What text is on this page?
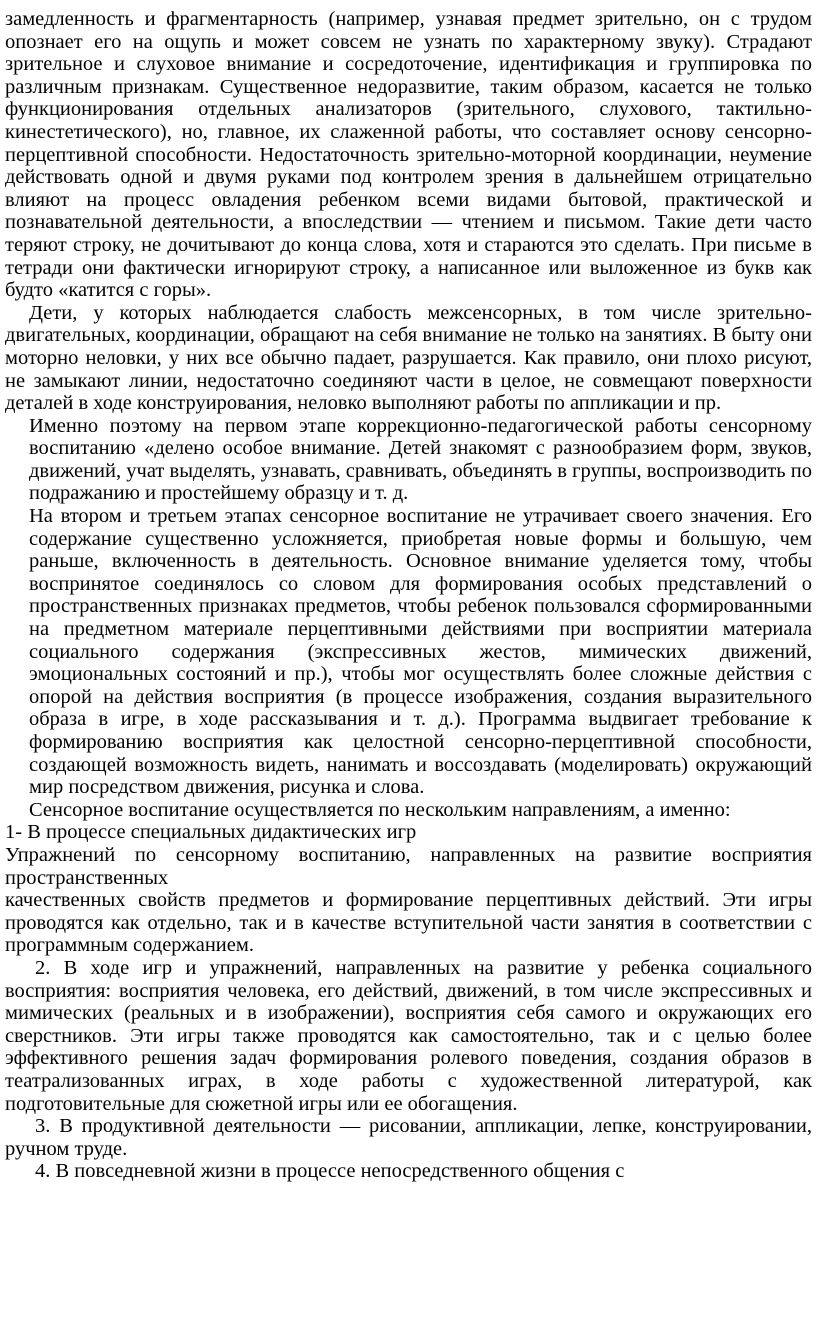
замедленность и фрагментарность (например, узнавая предмет зрительно, он с трудом опознает его на ощупь и может совсем не узнать по характерному звуку). Страдают зрительное и слуховое внимание и сосредоточение, идентификация и группировка по различным признакам. Существенное недоразвитие, таким образом, касается не только функционирования отдельных анализаторов (зрительного, слухового, тактильно-кинестетического), но, главное, их слаженной работы, что составляет основу сенсорно-перцептивной способности. Недостаточность зрительно-моторной координации, неумение действовать одной и двумя руками под контролем зрения в дальнейшем отрицательно влияют на процесс овладения ребенком всеми видами бытовой, практической и познавательной деятельности, а впоследствии — чтением и письмом. Такие дети часто теряют строку, не дочитывают до конца слова, хотя и стараются это сделать. При письме в тетради они фактически игнорируют строку, а написанное или выложенное из букв как будто «катится с горы».

Дети, у которых наблюдается слабость межсенсорных, в том числе зрительно-двигательных, координации, обращают на себя внимание не только на занятиях. В быту они моторно неловки, у них все обычно падает, разрушается. Как правило, они плохо рисуют, не замыкают линии, недостаточно соединяют части в целое, не совмещают поверхности деталей в ходе конструирования, неловко выполняют работы по аппликации и пр.

Именно поэтому на первом этапе коррекционно-педагогической работы сенсорному воспитанию «делено особое внимание. Детей знакомят с разнообразием форм, звуков, движений, учат выделять, узнавать, сравнивать, объединять в группы, воспроизводить по подражанию и простейшему образцу и т. д.

На втором и третьем этапах сенсорное воспитание не утрачивает своего значения. Его содержание существенно усложняется, приобретая новые формы и большую, чем раньше, включенность в деятельность. Основное внимание уделяется тому, чтобы воспринятое соединялось со словом для формирования особых представлений о пространственных признаках предметов, чтобы ребенок пользовался сформированными на предметном материале перцептивными действиями при восприятии материала социального содержания (экспрессивных жестов, мимических движений, эмоциональных состояний и пр.), чтобы мог осуществлять более сложные действия с опорой на действия восприятия (в процессе изображения, создания выразительного образа в игре, в ходе рассказывания и т. д.). Программа выдвигает требование к формированию восприятия как целостной сенсорно-перцептивной способности, создающей возможность видеть, нанимать и воссоздавать (моделировать) окружающий мир посредством движения, рисунка и слова.

Сенсорное воспитание осуществляется по нескольким направлениям, а именно:

1- В процессе специальных дидактических игр

Упражнений по сенсорному воспитанию, направленных на развитие восприятия пространственных

качественных свойств предметов и формирование перцептивных действий. Эти игры проводятся как отдельно, так и в качестве вступительной части занятия в соответствии с программным содержанием.

2. В ходе игр и упражнений, направленных на развитие у ребенка социального восприятия: восприятия человека, его действий, движений, в том числе экспрессивных и мимических (реальных и в изображении), восприятия себя самого и окружающих его сверстников. Эти игры также проводятся как самостоятельно, так и с целью более эффективного решения задач формирования ролевого поведения, создания образов в театрализованных играх, в ходе работы с художественной литературой, как подготовительные для сюжетной игры или ее обогащения.

3. В продуктивной деятельности — рисовании, аппликации, лепке, конструировании, ручном труде.

4. В повседневной жизни в процессе непосредственного общения с
